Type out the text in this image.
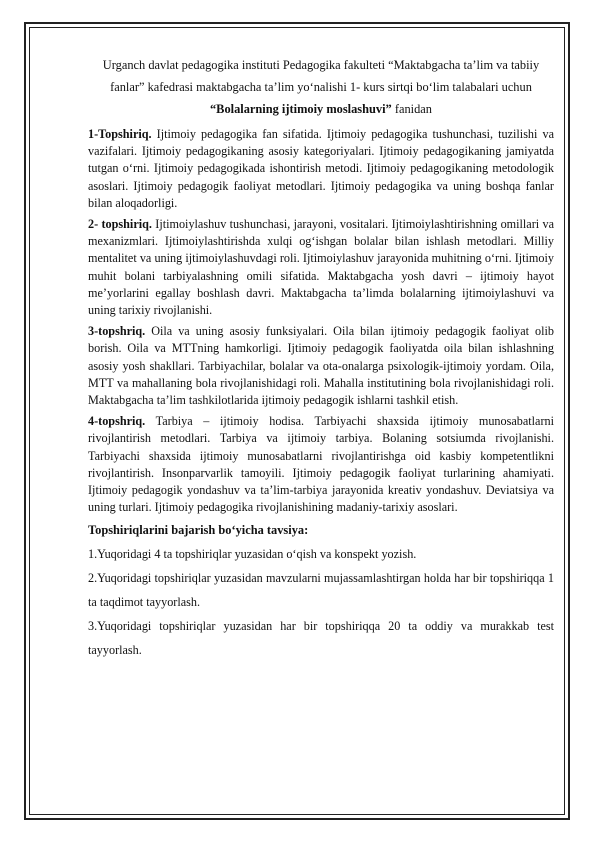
Urganch davlat pedagogika instituti Pedagogika fakulteti “Maktabgacha ta’lim va tabiiy fanlar” kafedrasi maktabgacha ta’lim yo‘nalishi 1- kurs sirtqi bo‘lim talabalari uchun “Bolalarning ijtimoiy moslashuvi” fanidan

1-Topshiriq. Ijtimoiy pedagogika fan sifatida. Ijtimoiy pedagogika tushunchasi, tuzilishi va vazifalari. Ijtimoiy pedagogikaning asosiy kategoriyalari. Ijtimoiy pedagogikaning jamiyatda tutgan o‘rni. Ijtimoiy pedagogikada ishontirish metodi. Ijtimoiy pedagogikaning metodologik asoslari. Ijtimoiy pedagogik faoliyat metodlari. Ijtimoiy pedagogika va uning boshqa fanlar bilan aloqadorligi.

2- topshiriq. Ijtimoiylashuv tushunchasi, jarayoni, vositalari. Ijtimoiylashtirishning omillari va mexanizmlari. Ijtimoiylashtirishda xulqi og‘ishgan bolalar bilan ishlash metodlari. Milliy mentalitet va uning ijtimoiylashuvdagi roli. Ijtimoiylashuv jarayonida muhitning o‘rni. Ijtimoiy muhit bolani tarbiyalashning omili sifatida. Maktabgacha yosh davri – ijtimoiy hayot me’yorlarini egallay boshlash davri. Maktabgacha ta’limda bolalarning ijtimoiylashuvi va uning tarixiy rivojlanishi.

3-topshriq. Oila va uning asosiy funksiyalari. Oila bilan ijtimoiy pedagogik faoliyat olib borish. Oila va MTTning hamkorligi. Ijtimoiy pedagogik faoliyatda oila bilan ishlashning asosiy yosh shakllari. Tarbiyachilar, bolalar va ota-onalarga psixologik-ijtimoiy yordam. Oila, MTT va mahallaning bola rivojlanishidagi roli. Mahalla institutining bola rivojlanishidagi roli. Maktabgacha ta’lim tashkilotlarida ijtimoiy pedagogik ishlarni tashkil etish.

4-topshriq. Tarbiya – ijtimoiy hodisa. Tarbiyachi shaxsida ijtimoiy munosabatlarni rivojlantirish metodlari. Tarbiya va ijtimoiy tarbiya. Bolaning sotsiumda rivojlanishi. Tarbiyachi shaxsida ijtimoiy munosabatlarni rivojlantirishga oid kasbiy kompetentlikni rivojlantirish. Insonparvarlik tamoyili. Ijtimoiy pedagogik faoliyat turlarining ahamiyati. Ijtimoiy pedagogik yondashuv va ta’lim-tarbiya jarayonida kreativ yondashuv. Deviatsiya va uning turlari. Ijtimoiy pedagogika rivojlanishining madaniy-tarixiy asoslari.

Topshiriqlarini bajarish bo‘yicha tavsiya:

1.Yuqoridagi 4 ta topshiriqlar yuzasidan o‘qish va konspekt yozish.

2.Yuqoridagi topshiriqlar yuzasidan mavzularni mujassamlashtirgan holda har bir topshiriqqa 1 ta taqdimot tayyorlash.

3.Yuqoridagi topshiriqlar yuzasidan har bir topshiriqqa 20 ta oddiy va murakkab test tayyorlash.
